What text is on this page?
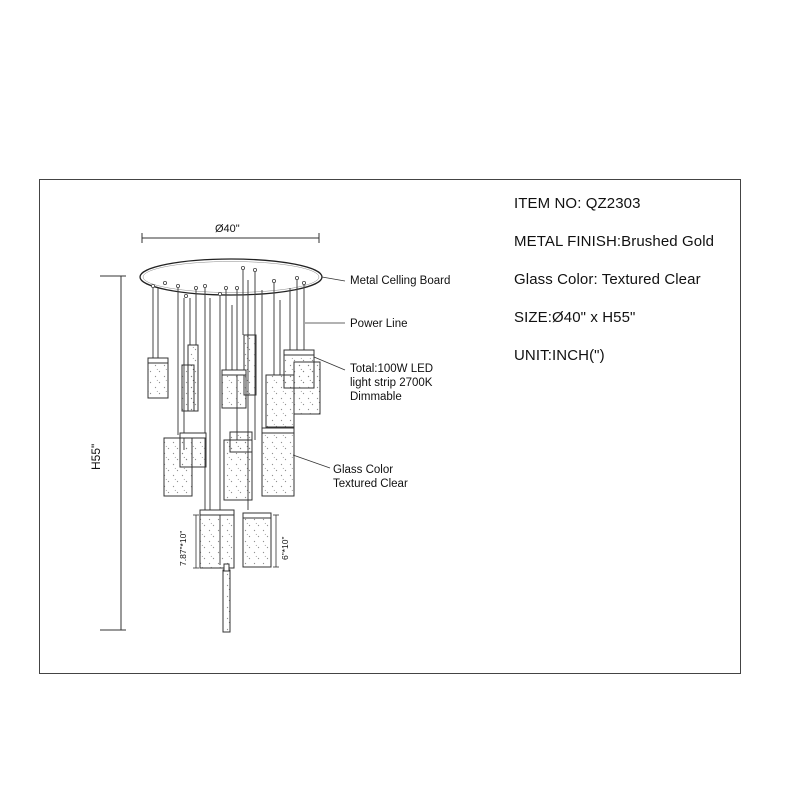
ITEM NO: QZ2303
METAL FINISH:Brushed Gold
Glass Color: Textured Clear
SIZE:Ø40" x H55"
UNIT:INCH(")
Ø40"
H55"
7.87"*10"	6"*10"
Metal Celling Board
Power Line
Total:100W LED
light strip 2700K
Dimmable
Glass Color
Textured Clear
